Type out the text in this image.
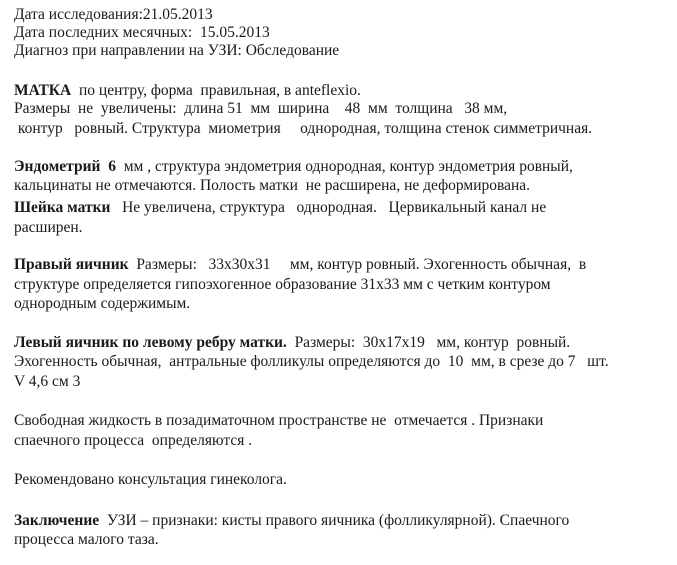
Дата исследования:21.05.2013
Дата последних месячных:  15.05.2013
Диагноз при направлении на УЗИ: Обследование
МАТКА  по центру, форма  правильная, в anteflexio.
Размеры  не  увеличены:  длина 51  мм  ширина    48  мм  толщина   38 мм,
контур   ровный. Структура  миометрия     однородная, толщина стенок симметричная.
Эндометрий  6  мм , структура эндометрия однородная, контур эндометрия ровный,
кальцинаты не отмечаются. Полость матки  не расширена, не деформирована.
Шейка матки   Не увеличена, структура   однородная.   Цервикальный канал не
расширен.
Правый яичник  Размеры:   33х30х31     мм, контур ровный. Эхогенность обычная,  в
структуре определяется гипоэхогенное образование 31х33 мм с четким контуром
однородным содержимым.
Левый яичник по левому ребру матки.  Размеры:  30х17х19   мм, контур  ровный.
Эхогенность обычная,  антральные фолликулы определяются до  10  мм, в срезе до 7   шт.
V 4,6 см 3
Свободная жидкость в позадиматочном пространстве не  отмечается . Признаки
спаечного процесса  определяются .
Рекомендовано консультация гинеколога.
Заключение  УЗИ – признаки: кисты правого яичника (фолликулярной). Спаечного
процесса малого таза.
